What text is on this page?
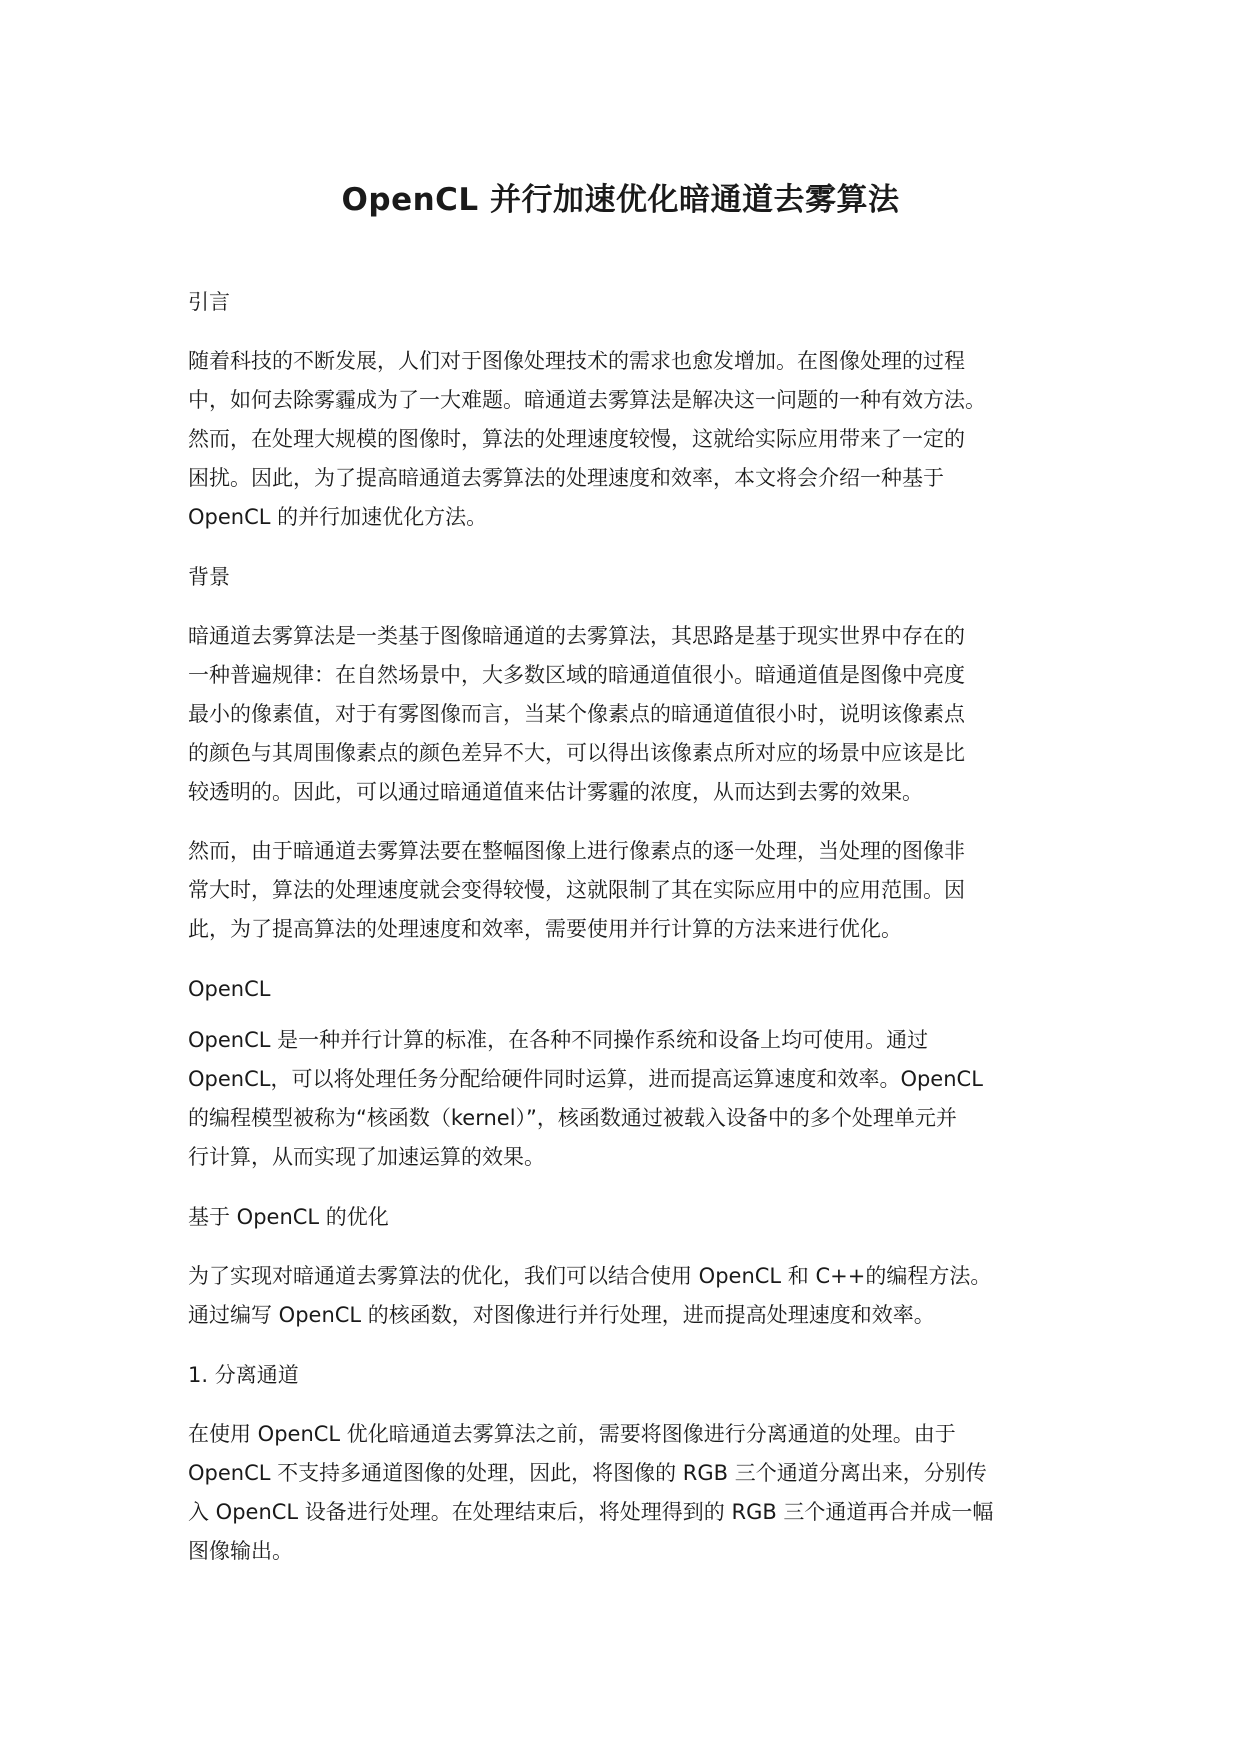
OpenCL 并行加速优化暗通道去雾算法
引言
随着科技的不断发展，人们对于图像处理技术的需求也愈发增加。在图像处理的过程
中，如何去除雾霾成为了一大难题。暗通道去雾算法是解决这一问题的一种有效方法。
然而，在处理大规模的图像时，算法的处理速度较慢，这就给实际应用带来了一定的
困扰。因此，为了提高暗通道去雾算法的处理速度和效率，本文将会介绍一种基于
OpenCL 的并行加速优化方法。
背景
暗通道去雾算法是一类基于图像暗通道的去雾算法，其思路是基于现实世界中存在的
一种普遍规律：在自然场景中，大多数区域的暗通道值很小。暗通道值是图像中亮度
最小的像素值，对于有雾图像而言，当某个像素点的暗通道值很小时，说明该像素点
的颜色与其周围像素点的颜色差异不大，可以得出该像素点所对应的场景中应该是比
较透明的。因此，可以通过暗通道值来估计雾霾的浓度，从而达到去雾的效果。
然而，由于暗通道去雾算法要在整幅图像上进行像素点的逐一处理，当处理的图像非
常大时，算法的处理速度就会变得较慢，这就限制了其在实际应用中的应用范围。因
此，为了提高算法的处理速度和效率，需要使用并行计算的方法来进行优化。
OpenCL
OpenCL 是一种并行计算的标准，在各种不同操作系统和设备上均可使用。通过
OpenCL，可以将处理任务分配给硬件同时运算，进而提高运算速度和效率。OpenCL
的编程模型被称为“核函数（kernel）”，核函数通过被载入设备中的多个处理单元并
行计算，从而实现了加速运算的效果。
基于 OpenCL 的优化
为了实现对暗通道去雾算法的优化，我们可以结合使用 OpenCL 和 C++的编程方法。
通过编写 OpenCL 的核函数，对图像进行并行处理，进而提高处理速度和效率。
1. 分离通道
在使用 OpenCL 优化暗通道去雾算法之前，需要将图像进行分离通道的处理。由于
OpenCL 不支持多通道图像的处理，因此，将图像的 RGB 三个通道分离出来，分别传
入 OpenCL 设备进行处理。在处理结束后，将处理得到的 RGB 三个通道再合并成一幅
图像输出。
